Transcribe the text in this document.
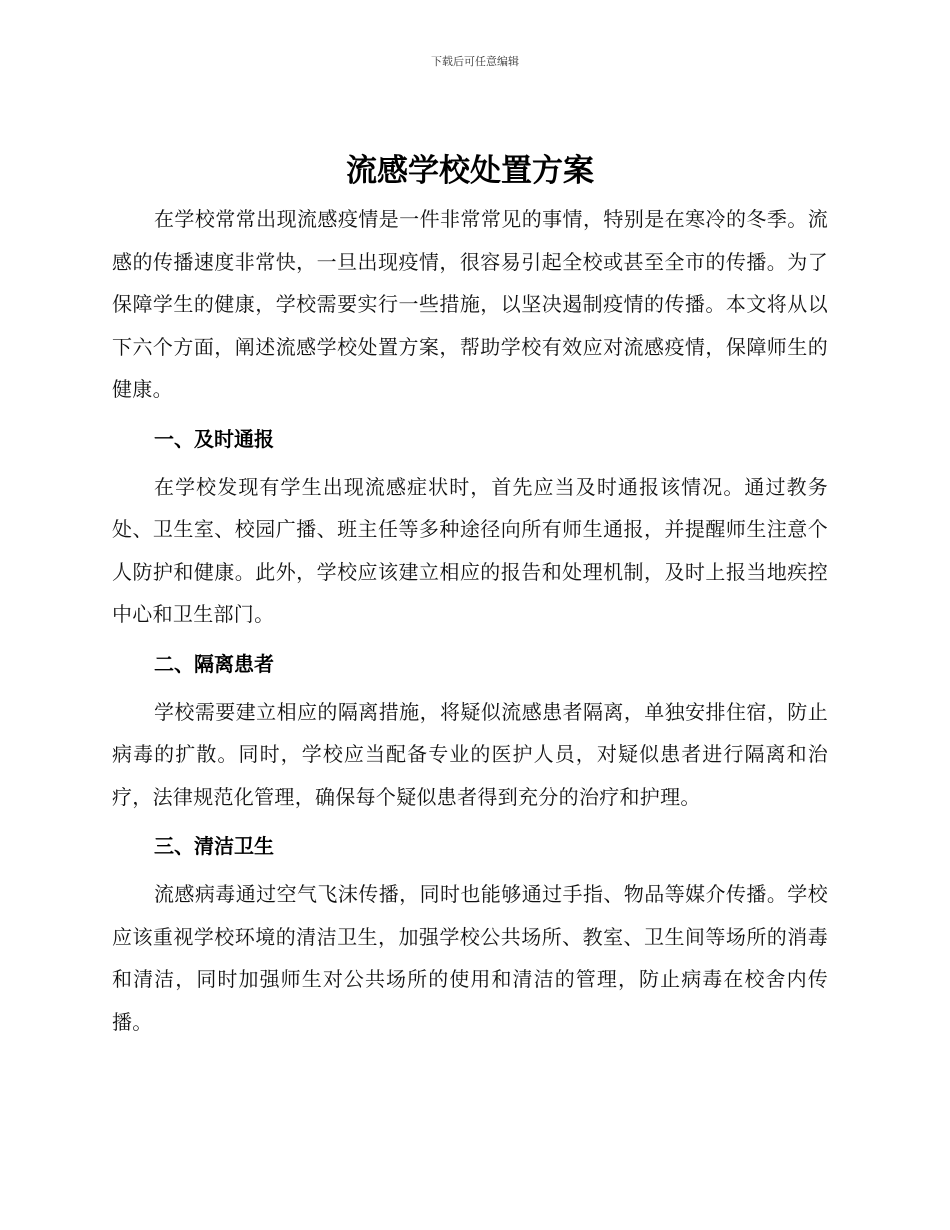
下载后可任意编辑
流感学校处置方案

在学校常常出现流感疫情是一件非常常见的事情，特别是在寒冷的冬季。流感的传播速度非常快，一旦出现疫情，很容易引起全校或甚至全市的传播。为了保障学生的健康，学校需要实行一些措施，以坚决遏制疫情的传播。本文将从以下六个方面，阐述流感学校处置方案，帮助学校有效应对流感疫情，保障师生的健康。

一、及时通报

在学校发现有学生出现流感症状时，首先应当及时通报该情况。通过教务处、卫生室、校园广播、班主任等多种途径向所有师生通报，并提醒师生注意个人防护和健康。此外，学校应该建立相应的报告和处理机制，及时上报当地疾控中心和卫生部门。

二、隔离患者

学校需要建立相应的隔离措施，将疑似流感患者隔离，单独安排住宿，防止病毒的扩散。同时，学校应当配备专业的医护人员，对疑似患者进行隔离和治疗，法律规范化管理，确保每个疑似患者得到充分的治疗和护理。

三、清洁卫生

流感病毒通过空气飞沫传播，同时也能够通过手指、物品等媒介传播。学校应该重视学校环境的清洁卫生，加强学校公共场所、教室、卫生间等场所的消毒和清洁，同时加强师生对公共场所的使用和清洁的管理，防止病毒在校舍内传播。
